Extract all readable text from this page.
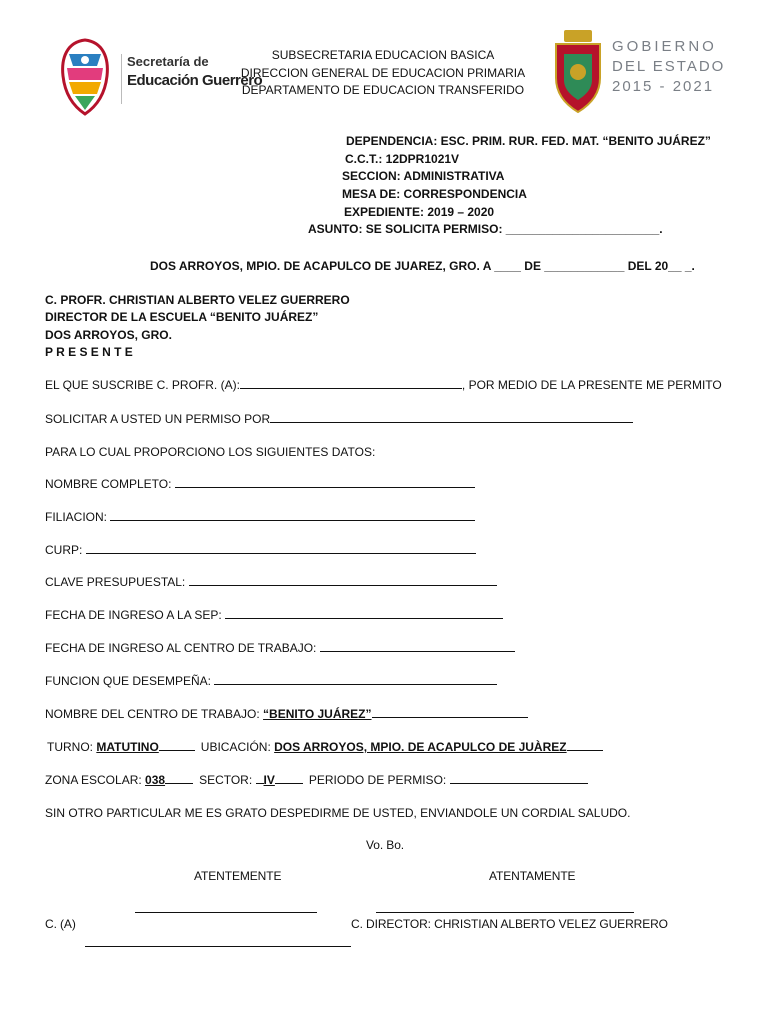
Secretaría de
Educación Guerrero
SUBSECRETARIA EDUCACION BASICA
DIRECCION GENERAL DE EDUCACION PRIMARIA
DEPARTAMENTO DE EDUCACION TRANSFERIDO
GOBIERNO
DEL ESTADO
2015 - 2021
DEPENDENCIA: ESC. PRIM. RUR. FED. MAT. “BENITO JUÁREZ”
C.C.T.: 12DPR1021V
SECCION: ADMINISTRATIVA
MESA DE: CORRESPONDENCIA
EXPEDIENTE: 2019 – 2020
ASUNTO: SE SOLICITA PERMISO: _______________________.
DOS ARROYOS, MPIO. DE ACAPULCO DE JUAREZ, GRO. A ____ DE ____________ DEL 20__ _.
C. PROFR. CHRISTIAN ALBERTO VELEZ GUERRERO
DIRECTOR DE LA ESCUELA “BENITO JUÁREZ”
DOS ARROYOS, GRO.
P R E S E N T E
EL QUE SUSCRIBE C. PROFR. (A):	, POR MEDIO DE LA PRESENTE ME PERMITO
SOLICITAR A USTED UN PERMISO POR
PARA LO CUAL PROPORCIONO LOS SIGUIENTES DATOS:
NOMBRE COMPLETO:
FILIACION:
CURP:
CLAVE PRESUPUESTAL:
FECHA DE INGRESO A LA SEP:
FECHA DE INGRESO AL CENTRO DE TRABAJO:
FUNCION QUE DESEMPEÑA:
NOMBRE DEL CENTRO DE TRABAJO: “BENITO JUÁREZ”
TURNO: MATUTINO	UBICACIÓN: DOS ARROYOS, MPIO. DE ACAPULCO DE JUÀREZ
ZONA ESCOLAR: 038	SECTOR: IV	PERIODO DE PERMISO:
SIN OTRO PARTICULAR ME ES GRATO DESPEDIRME DE USTED, ENVIANDOLE UN CORDIAL SALUDO.
Vo. Bo.
ATENTEMENTE	ATENTAMENTE
C. (A)	C. DIRECTOR: CHRISTIAN ALBERTO VELEZ GUERRERO
